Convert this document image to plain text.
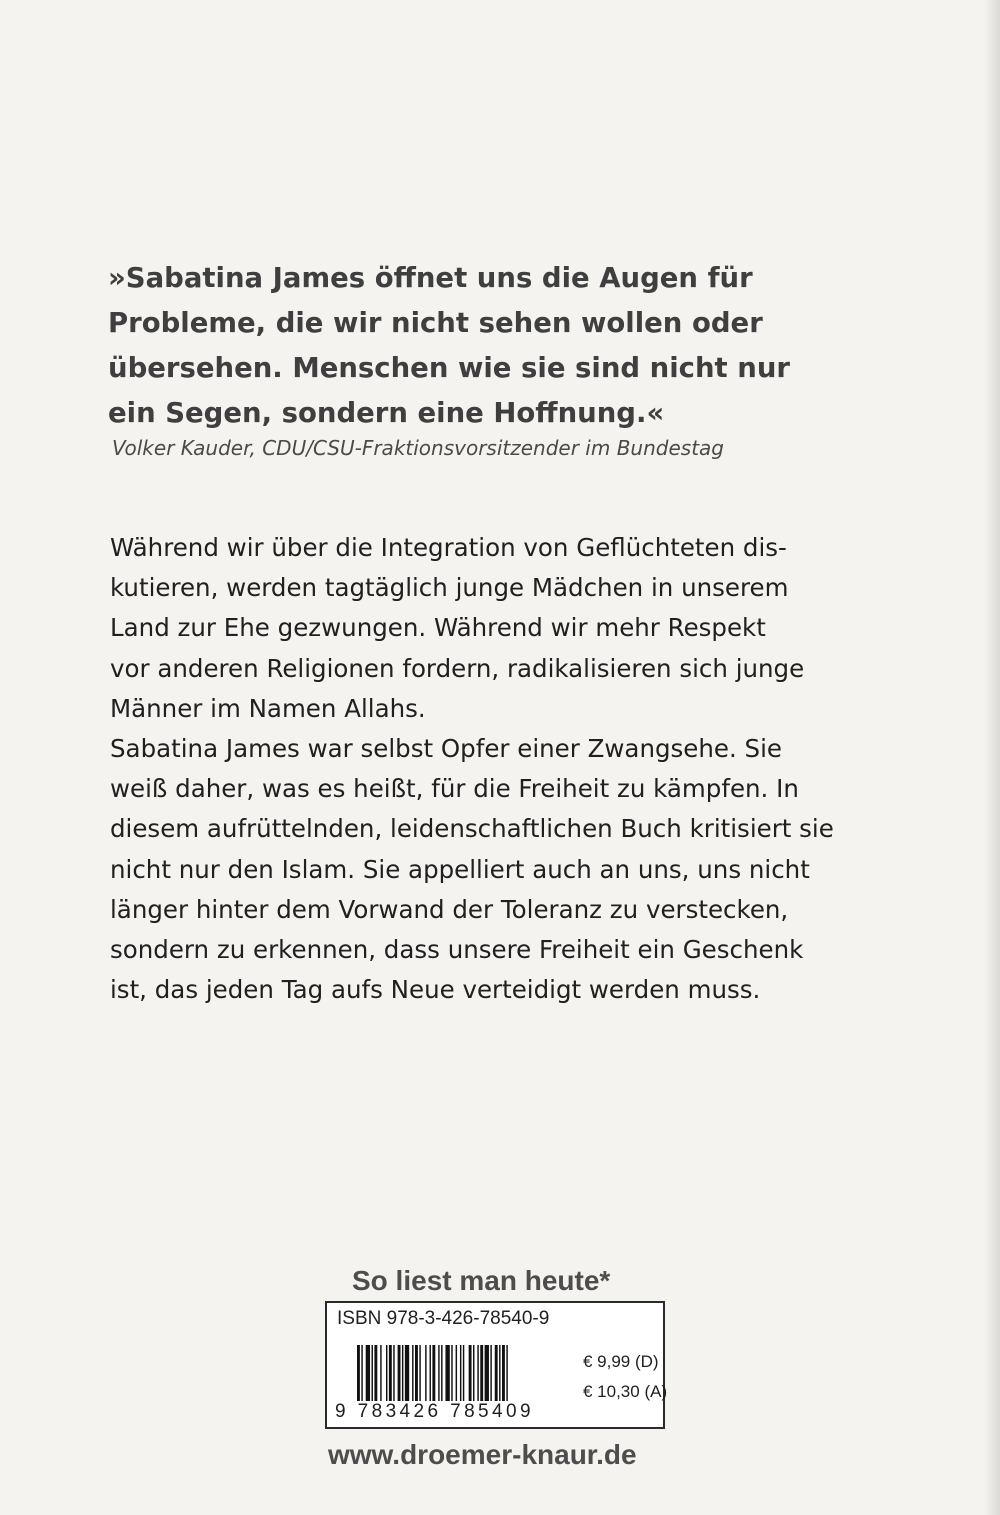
»Sabatina James öffnet uns die Augen für
Probleme, die wir nicht sehen wollen oder
übersehen. Menschen wie sie sind nicht nur
ein Segen, sondern eine Hoffnung.«
Volker Kauder, CDU/CSU-Fraktionsvorsitzender im Bundestag
Während wir über die Integration von Geflüchteten dis-
kutieren, werden tagtäglich junge Mädchen in unserem
Land zur Ehe gezwungen. Während wir mehr Respekt
vor anderen Religionen fordern, radikalisieren sich junge
Männer im Namen Allahs.
Sabatina James war selbst Opfer einer Zwangsehe. Sie
weiß daher, was es heißt, für die Freiheit zu kämpfen. In
diesem aufrüttelnden, leidenschaftlichen Buch kritisiert sie
nicht nur den Islam. Sie appelliert auch an uns, uns nicht
länger hinter dem Vorwand der Toleranz zu verstecken,
sondern zu erkennen, dass unsere Freiheit ein Geschenk
ist, das jeden Tag aufs Neue verteidigt werden muss.
So liest man heute*
ISBN 978-3-426-78540-9
9 783426 785409
€ 9,99 (D)
€ 10,30 (A)
www.droemer-knaur.de
